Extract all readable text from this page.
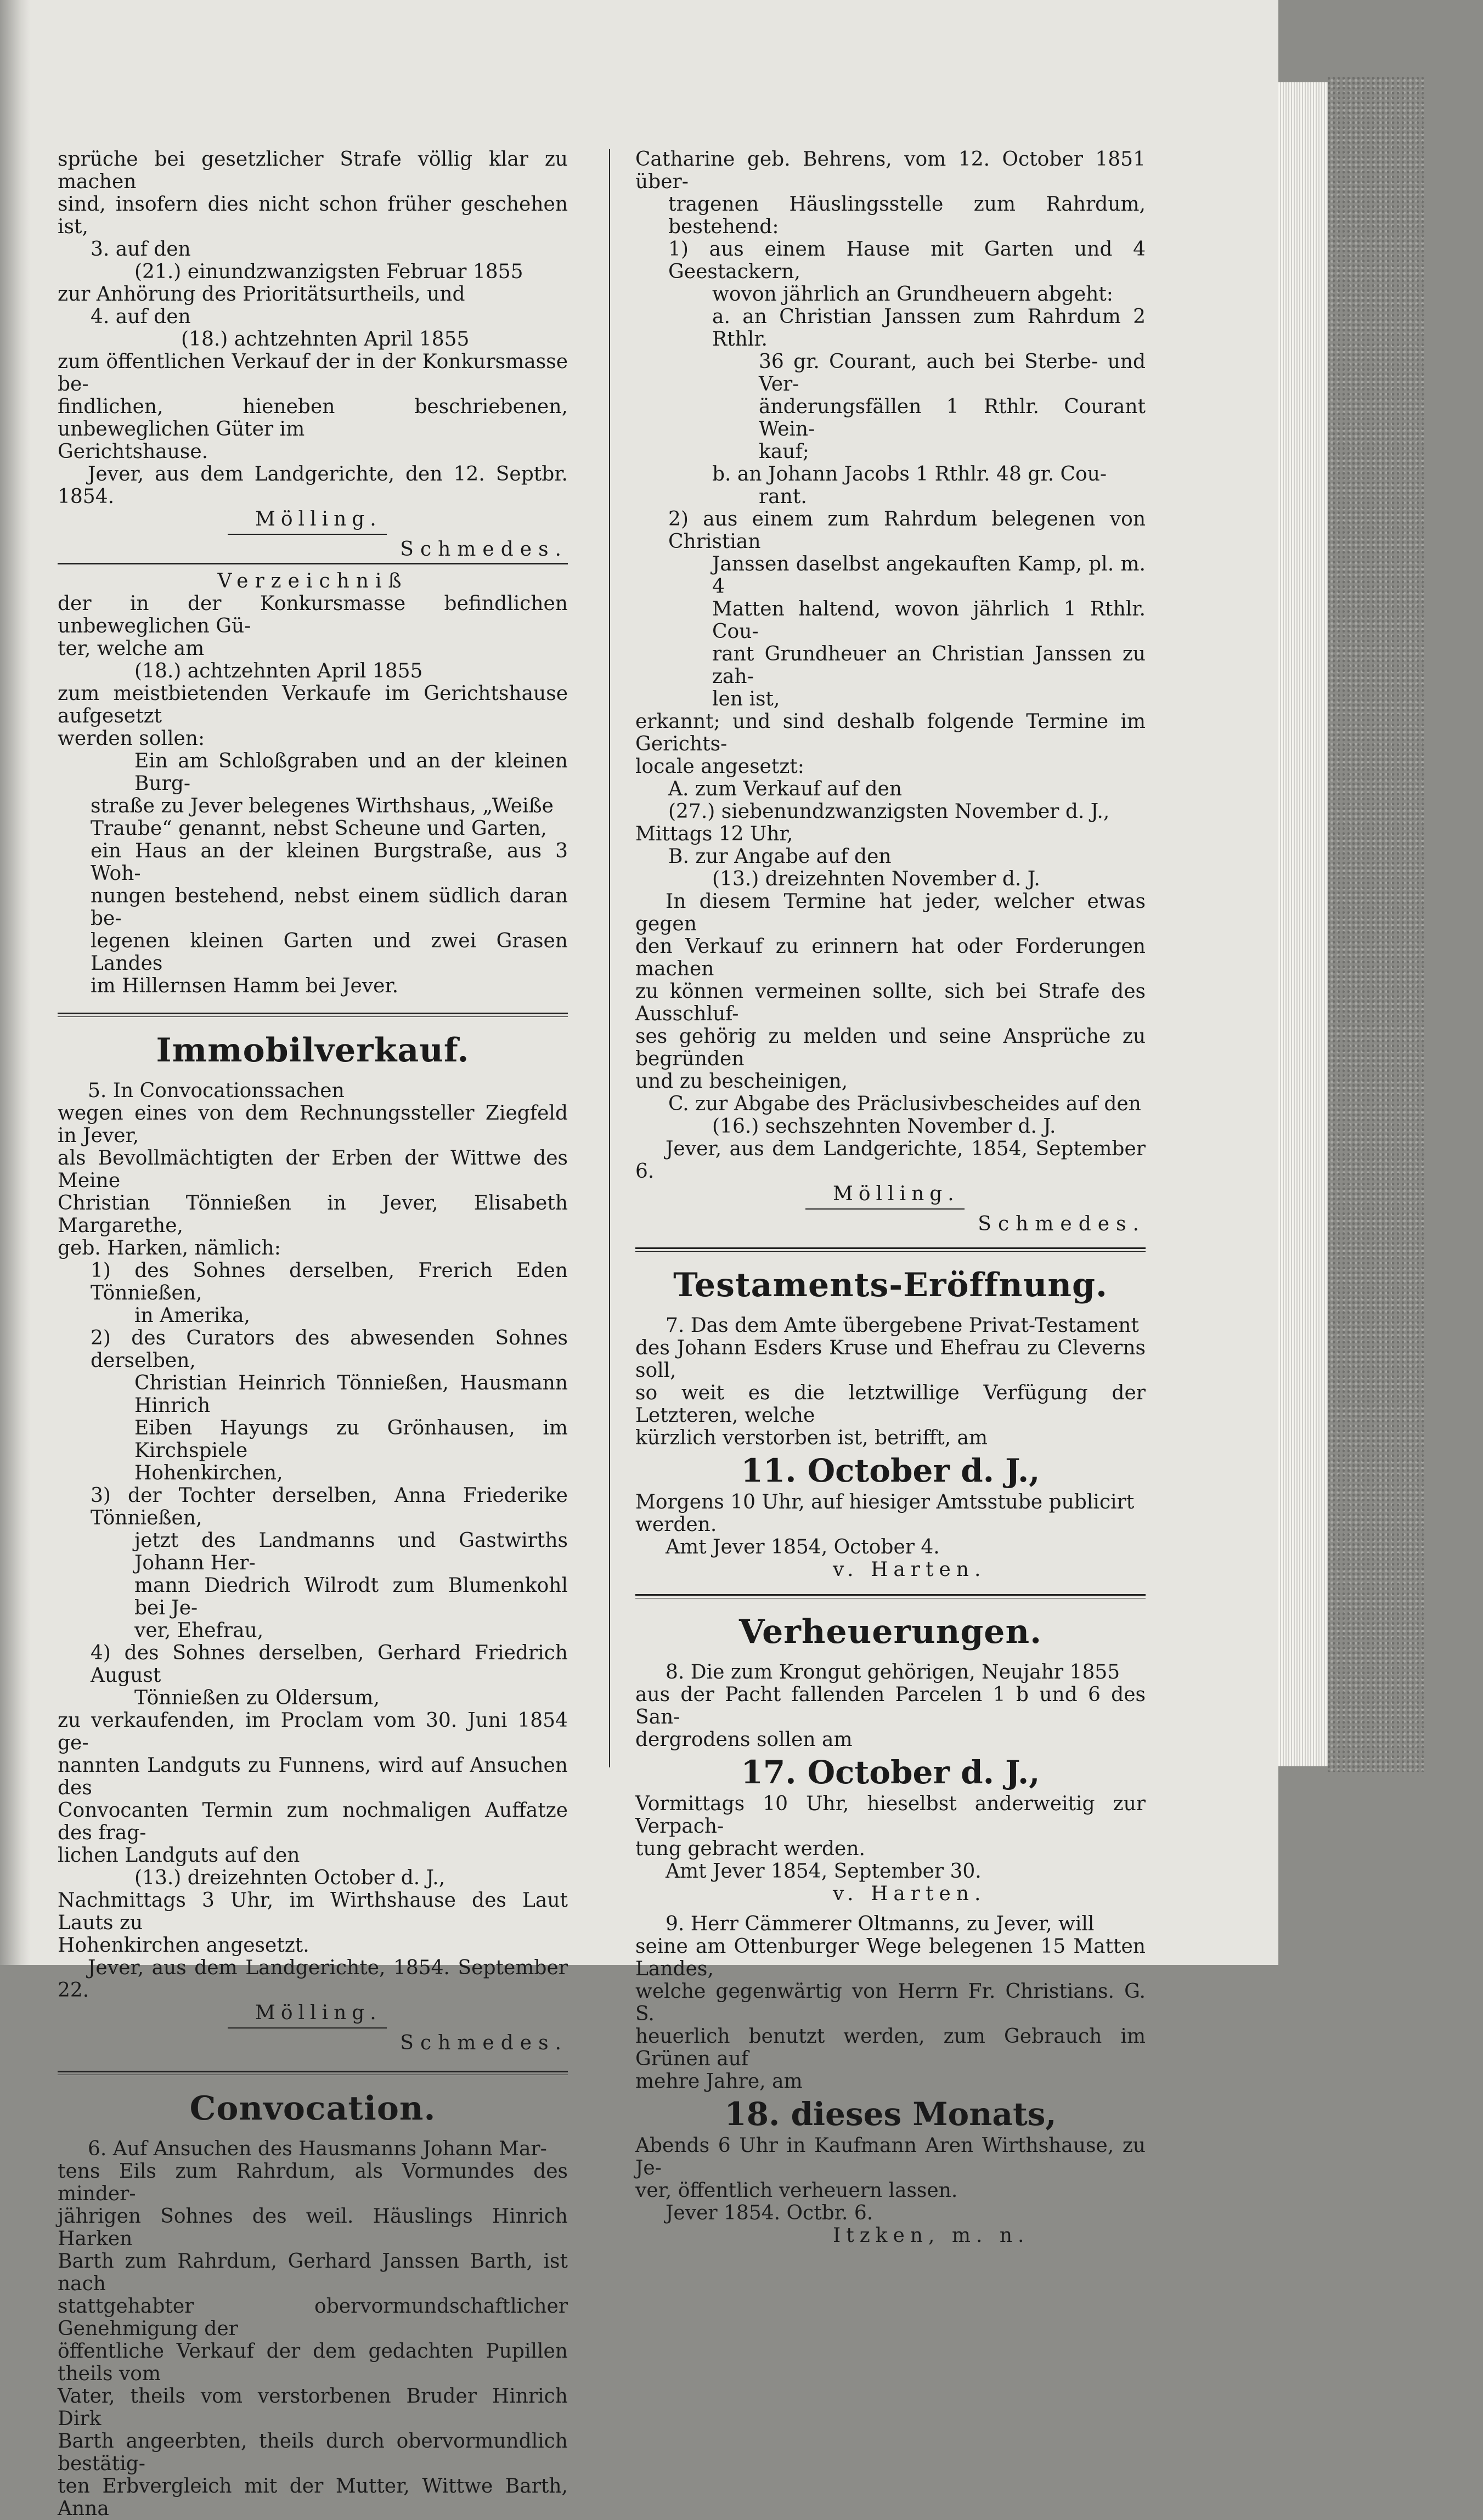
sprüche bei gesetzlicher Strafe völlig klar zu machen

sind, insofern dies nicht schon früher geschehen ist,

3. auf den

(21.) einundzwanzigsten Februar 1855

zur Anhörung des Prioritätsurtheils, und

4. auf den

(18.) achtzehnten April 1855

zum öffentlichen Verkauf der in der Konkursmasse be-

findlichen, hieneben beschriebenen, unbeweglichen Güter im

Gerichtshause.

Jever, aus dem Landgerichte, den 12. Septbr. 1854.

Mölling.

Schmedes.

Verzeichniß

der in der Konkursmasse befindlichen unbeweglichen Gü-

ter, welche am

(18.) achtzehnten April 1855

zum meistbietenden Verkaufe im Gerichtshause aufgesetzt

werden sollen:

Ein am Schloßgraben und an der kleinen Burg-

straße zu Jever belegenes Wirthshaus, „Weiße

Traube“ genannt, nebst Scheune und Garten,

ein Haus an der kleinen Burgstraße, aus 3 Woh-

nungen bestehend, nebst einem südlich daran be-

legenen kleinen Garten und zwei Grasen Landes

im Hillernsen Hamm bei Jever.

Immobilverkauf.

5. In Convocationssachen

wegen eines von dem Rechnungssteller Ziegfeld in Jever,

als Bevollmächtigten der Erben der Wittwe des Meine

Christian Tönnießen in Jever, Elisabeth Margarethe,

geb. Harken, nämlich:

1) des Sohnes derselben, Frerich Eden Tönnießen,

in Amerika,

2) des Curators des abwesenden Sohnes derselben,

Christian Heinrich Tönnießen, Hausmann Hinrich

Eiben Hayungs zu Grönhausen, im Kirchspiele

Hohenkirchen,

3) der Tochter derselben, Anna Friederike Tönnießen,

jetzt des Landmanns und Gastwirths Johann Her-

mann Diedrich Wilrodt zum Blumenkohl bei Je-

ver, Ehefrau,

4) des Sohnes derselben, Gerhard Friedrich August

Tönnießen zu Oldersum,

zu verkaufenden, im Proclam vom 30. Juni 1854 ge-

nannten Landguts zu Funnens, wird auf Ansuchen des

Convocanten Termin zum nochmaligen Auffatze des frag-

lichen Landguts auf den

(13.) dreizehnten October d. J.,

Nachmittags 3 Uhr, im Wirthshause des Laut Lauts zu

Hohenkirchen angesetzt.

Jever, aus dem Landgerichte, 1854. September 22.

Mölling.

Schmedes.

Convocation.

6. Auf Ansuchen des Hausmanns Johann Mar-

tens Eils zum Rahrdum, als Vormundes des minder-

jährigen Sohnes des weil. Häuslings Hinrich Harken

Barth zum Rahrdum, Gerhard Janssen Barth, ist nach

stattgehabter obervormundschaftlicher Genehmigung der

öffentliche Verkauf der dem gedachten Pupillen theils vom

Vater, theils vom verstorbenen Bruder Hinrich Dirk

Barth angeerbten, theils durch obervormundlich bestätig-

ten Erbvergleich mit der Mutter, Wittwe Barth, Anna

Catharine geb. Behrens, vom 12. October 1851 über-

tragenen Häuslingsstelle zum Rahrdum, bestehend:

1) aus einem Hause mit Garten und 4 Geestackern,

wovon jährlich an Grundheuern abgeht:

a. an Christian Janssen zum Rahrdum 2 Rthlr.

36 gr. Courant, auch bei Sterbe- und Ver-

änderungsfällen 1 Rthlr. Courant Wein-

kauf;

b. an Johann Jacobs 1 Rthlr. 48 gr. Cou-

rant.

2) aus einem zum Rahrdum belegenen von Christian

Janssen daselbst angekauften Kamp, pl. m. 4

Matten haltend, wovon jährlich 1 Rthlr. Cou-

rant Grundheuer an Christian Janssen zu zah-

len ist,

erkannt; und sind deshalb folgende Termine im Gerichts-

locale angesetzt:

A. zum Verkauf auf den

(27.) siebenundzwanzigsten November d. J.,

Mittags 12 Uhr,

B. zur Angabe auf den

(13.) dreizehnten November d. J.

In diesem Termine hat jeder, welcher etwas gegen

den Verkauf zu erinnern hat oder Forderungen machen

zu können vermeinen sollte, sich bei Strafe des Ausschluf-

ses gehörig zu melden und seine Ansprüche zu begründen

und zu bescheinigen,

C. zur Abgabe des Präclusivbescheides auf den

(16.) sechszehnten November d. J.

Jever, aus dem Landgerichte, 1854, September 6.

Mölling.

Schmedes.

Testaments-Eröffnung.

7. Das dem Amte übergebene Privat-Testament

des Johann Esders Kruse und Ehefrau zu Cleverns soll,

so weit es die letztwillige Verfügung der Letzteren, welche

kürzlich verstorben ist, betrifft, am

11. October d. J.,

Morgens 10 Uhr, auf hiesiger Amtsstube publicirt

werden.

Amt Jever 1854, October 4.

v. Harten.

Verheuerungen.

8. Die zum Krongut gehörigen, Neujahr 1855

aus der Pacht fallenden Parcelen 1 b und 6 des San-

dergrodens sollen am

17. October d. J.,

Vormittags 10 Uhr, hieselbst anderweitig zur Verpach-

tung gebracht werden.

Amt Jever 1854, September 30.

v. Harten.

9. Herr Cämmerer Oltmanns, zu Jever, will

seine am Ottenburger Wege belegenen 15 Matten Landes,

welche gegenwärtig von Herrn Fr. Christians. G. S.

heuerlich benutzt werden, zum Gebrauch im Grünen auf

mehre Jahre, am

18. dieses Monats,

Abends 6 Uhr in Kaufmann Aren Wirthshause, zu Je-

ver, öffentlich verheuern lassen.

Jever 1854. Octbr. 6.

Itzken, m. n.
